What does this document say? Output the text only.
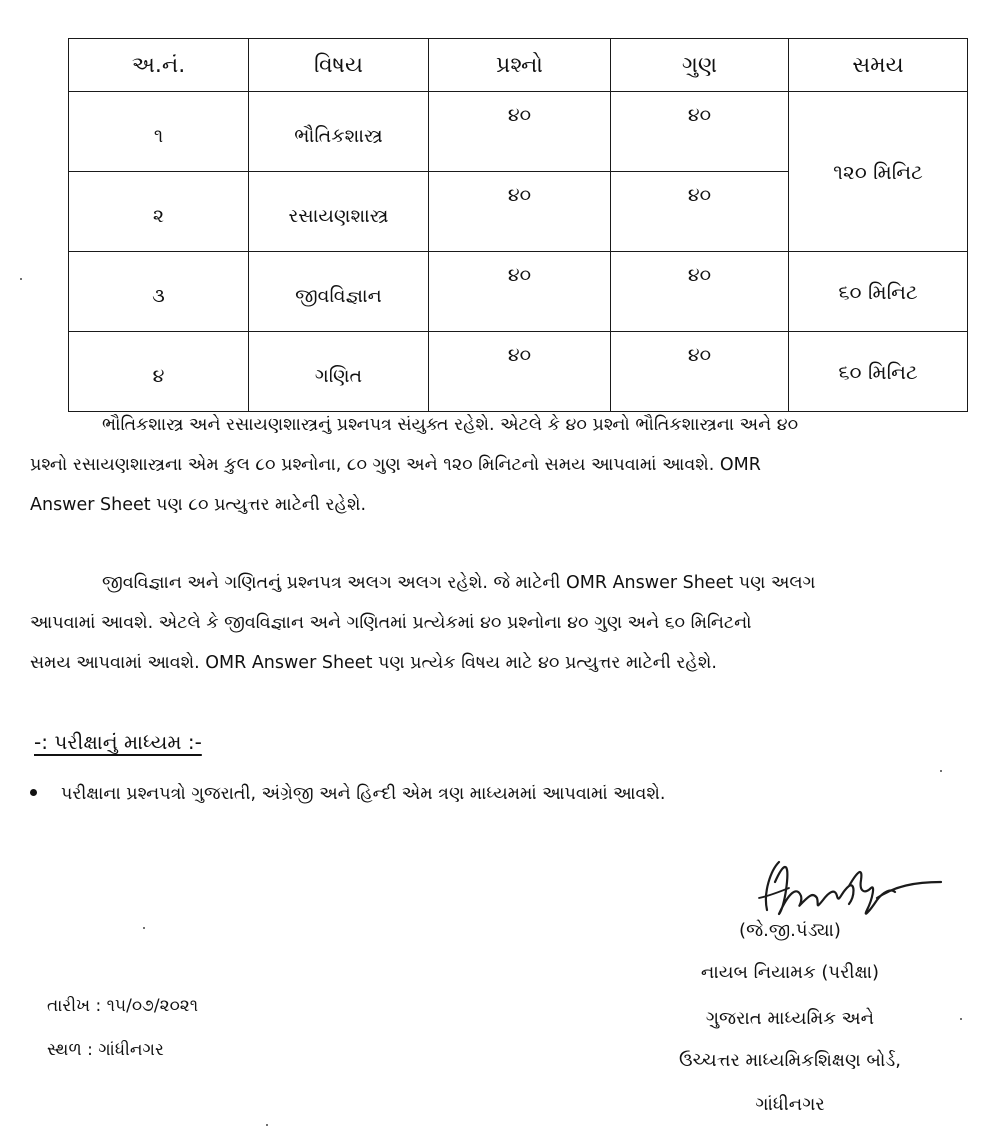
અ.નં.	વિષય	પ્રશ્નો	ગુણ	સમય
૧	ભૌતિકશાસ્ત્ર	૪૦	૪૦	૧૨૦ મિનિટ
૨	રસાયણશાસ્ત્ર	૪૦	૪૦	
૩	જીવવિજ્ઞાન	૪૦	૪૦	૬૦ મિનિટ
૪	ગણિત	૪૦	૪૦	૬૦ મિનિટ
ભૌતિકશાસ્ત્ર અને રસાયણશાસ્ત્રનું પ્રશ્નપત્ર સંયુક્ત રહેશે. એટલે કે ૪૦ પ્રશ્નો ભૌતિકશાસ્ત્રના અને ૪૦
પ્રશ્નો રસાયણશાસ્ત્રના એમ કુલ ૮૦ પ્રશ્નોના, ૮૦ ગુણ અને ૧૨૦ મિનિટનો સમય આપવામાં આવશે. OMR
Answer Sheet પણ ૮૦ પ્રત્યુત્તર માટેની રહેશે.
જીવવિજ્ઞાન અને ગણિતનું પ્રશ્નપત્ર અલગ અલગ રહેશે. જે માટેની OMR Answer Sheet પણ અલગ
આપવામાં આવશે. એટલે કે જીવવિજ્ઞાન અને ગણિતમાં પ્રત્યેકમાં ૪૦ પ્રશ્નોના ૪૦ ગુણ અને ૬૦ મિનિટનો
સમય આપવામાં આવશે. OMR Answer Sheet પણ પ્રત્યેક વિષય માટે ૪૦ પ્રત્યુત્તર માટેની રહેશે.
-: પરીક્ષાનું માધ્યમ :-
પરીક્ષાના પ્રશ્નપત્રો ગુજરાતી, અંગ્રેજી અને હિન્દી એમ ત્રણ માધ્યમમાં આપવામાં આવશે.
(જે.જી.પંડ્યા)
નાયબ નિયામક (પરીક્ષા)
ગુજરાત માધ્યમિક અને
ઉચ્ચત્તર માધ્યમિકશિક્ષણ બોર્ડ,
ગાંધીનગર
તારીખ : ૧૫/૦૭/૨૦૨૧
સ્થળ : ગાંધીનગર
